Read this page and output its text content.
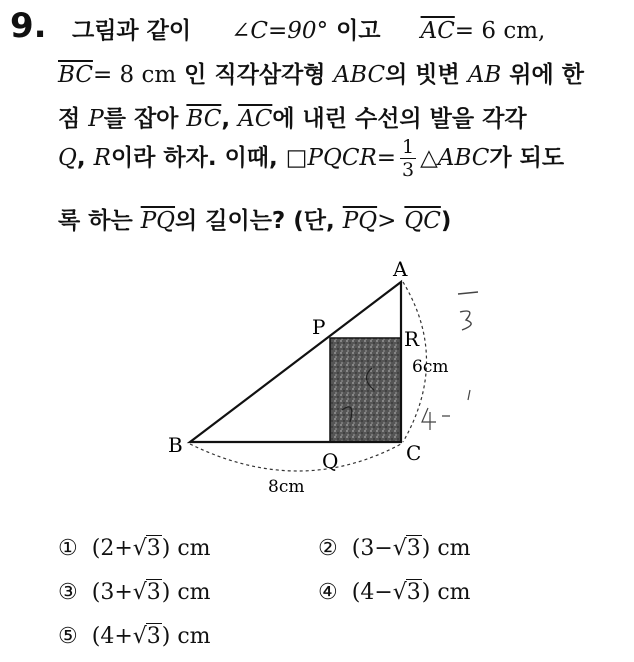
9. 그림과 같이 ∠C=90° 이고 $\overline{AC}= 6$ cm,
$\overline{BC}= 8$ cm 인 직각삼각형 ABC의 빗변 AB 위에 한
점 P를 잡아 $\overline{BC}$, $\overline{AC}$에 내린 수선의 발을 각각
Q, R이라 하자. 이때, □PQCR= $\frac{1}{3}$ △ABC가 되도
록 하는 $\overline{PQ}$의 길이는? (단, $\overline{PQ}> \overline{QC}$)
A
B	C
P
Q
R
6cm
8cm
① (2+√3) cm	② (3−√3) cm
③ (3+√3) cm	④ (4−√3) cm
⑤ (4+√3) cm
